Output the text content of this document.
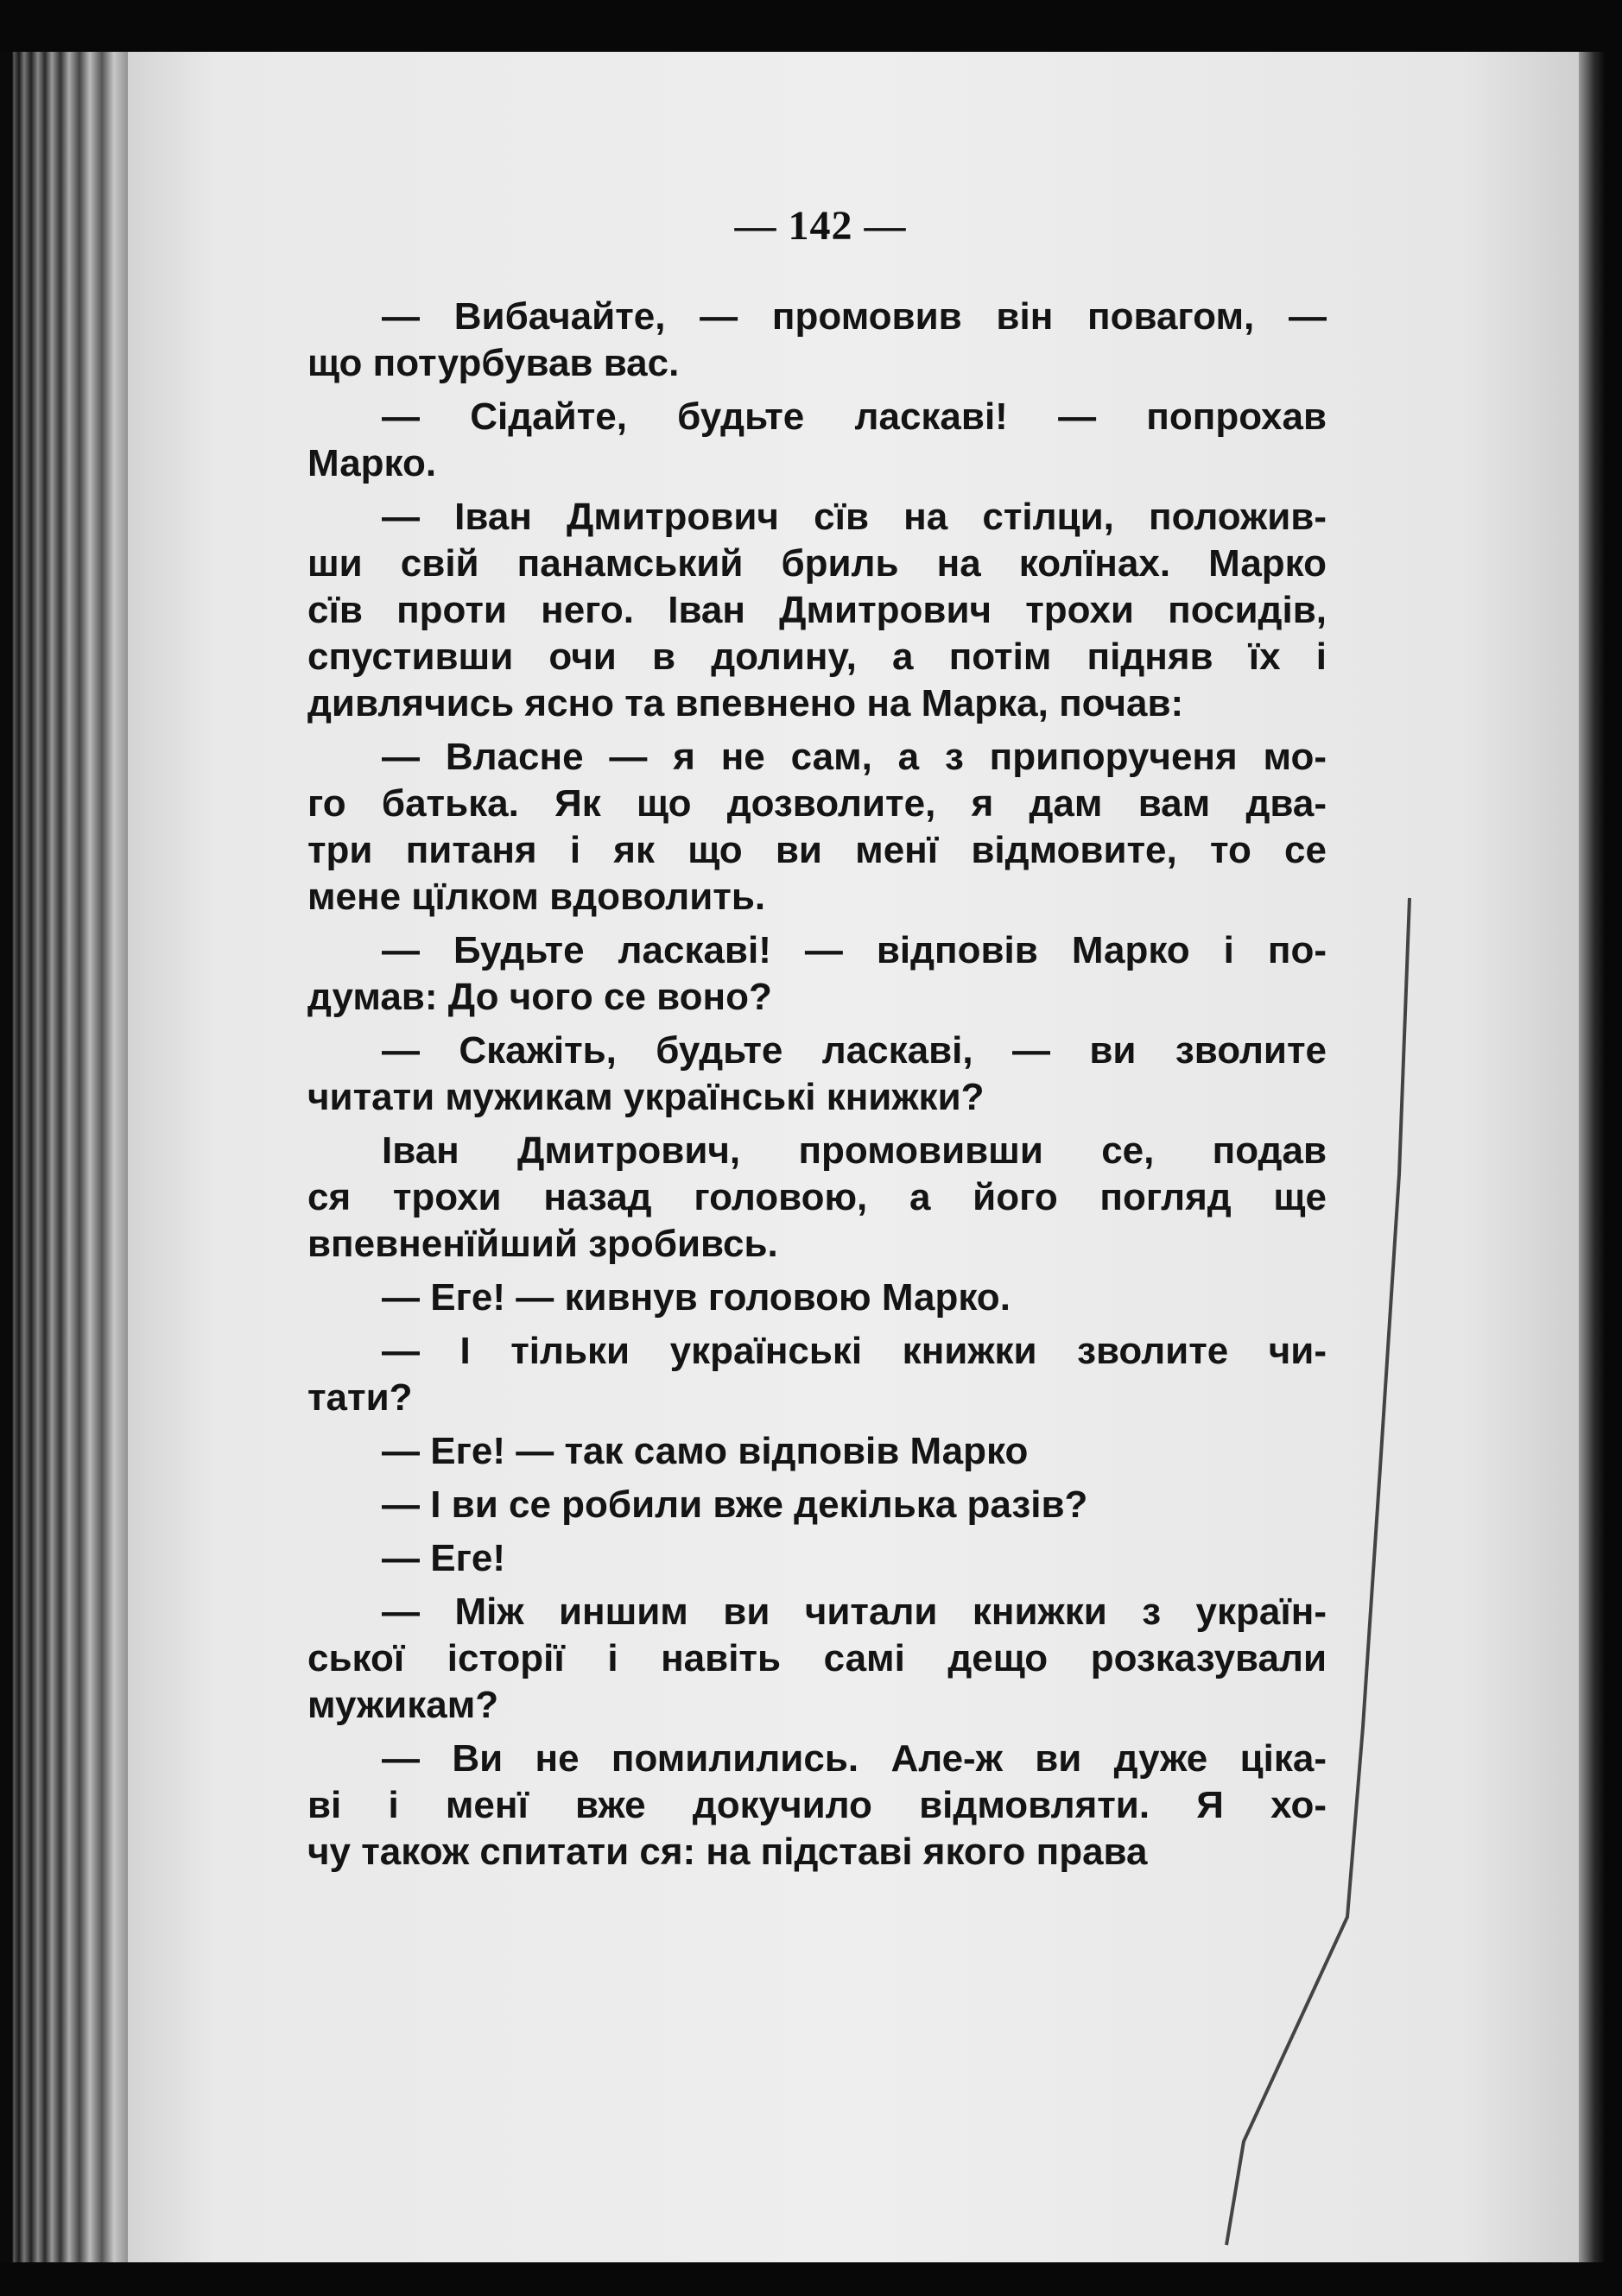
— 142 —
— Вибачайте, — промовив він повагом, —
що потурбував вас.
— Сідайте, будьте ласкаві! — попрохав
Марко.
— Іван Дмитрович сїв на стілци, положив-
ши свій панамський бриль на колїнах. Марко
сїв проти него. Іван Дмитрович трохи посидів,
спустивши очи в долину, а потім підняв їх і
дивлячись ясно та впевнено на Марка, почав:
— Власне — я не сам, а з припорученя мо-
го батька. Як що дозволите, я дам вам два-
три питаня і як що ви менї відмовите, то се
мене цїлком вдоволить.
— Будьте ласкаві! — відповів Марко і по-
думав: До чого се воно?
— Скажіть, будьте ласкаві, — ви зволите
читати мужикам українські книжки?
Іван Дмитрович, промовивши се, подав
ся трохи назад головою, а його погляд ще
впевненїйший зробивсь.
— Еге! — кивнув головою Марко.
— І тільки українські книжки зволите чи-
тати?
— Еге! — так само відповів Марко
— І ви се робили вже декілька разів?
— Еге!
— Між иншим ви читали книжки з україн-
ської історії і навіть самі дещо розказували
мужикам?
— Ви не помилились. Але-ж ви дуже ціка-
ві і менї вже докучило відмовляти. Я хо-
чу також спитати ся: на підставі якого права
